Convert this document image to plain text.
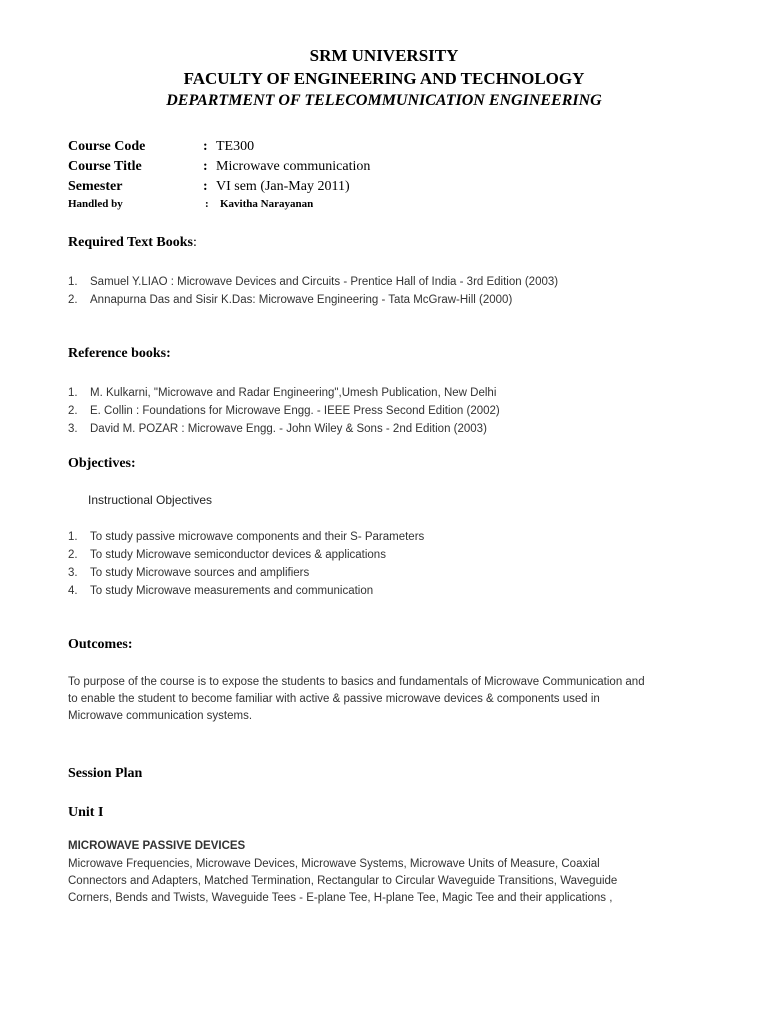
SRM UNIVERSITY
FACULTY OF ENGINEERING AND TECHNOLOGY
DEPARTMENT OF TELECOMMUNICATION ENGINEERING
Course Code	: TE300
Course Title	: Microwave communication
Semester	: VI sem (Jan-May 2011)
Handled by	: Kavitha Narayanan
Required Text Books:
1. Samuel Y.LIAO : Microwave Devices and Circuits - Prentice Hall of India - 3rd Edition (2003)
2. Annapurna Das and Sisir K.Das: Microwave Engineering - Tata McGraw-Hill (2000)
Reference books:
1. M. Kulkarni, "Microwave and Radar Engineering",Umesh Publication, New Delhi
2. E. Collin : Foundations for Microwave Engg. - IEEE Press Second Edition (2002)
3. David M. POZAR : Microwave Engg. - John Wiley & Sons - 2nd Edition (2003)
Objectives:
Instructional Objectives
1. To study passive microwave components and their S- Parameters
2. To study Microwave semiconductor devices & applications
3. To study Microwave sources and amplifiers
4. To study Microwave measurements and communication
Outcomes:
To purpose of the course is to expose the students to basics and fundamentals of Microwave Communication and
to enable the student to become familiar with active & passive microwave devices & components used in
Microwave communication systems.
Session Plan
Unit I
MICROWAVE PASSIVE DEVICES
Microwave Frequencies, Microwave Devices, Microwave Systems, Microwave Units of Measure, Coaxial
Connectors and Adapters, Matched Termination, Rectangular to Circular Waveguide Transitions, Waveguide
Corners, Bends and Twists, Waveguide Tees - E-plane Tee, H-plane Tee, Magic Tee and their applications ,
